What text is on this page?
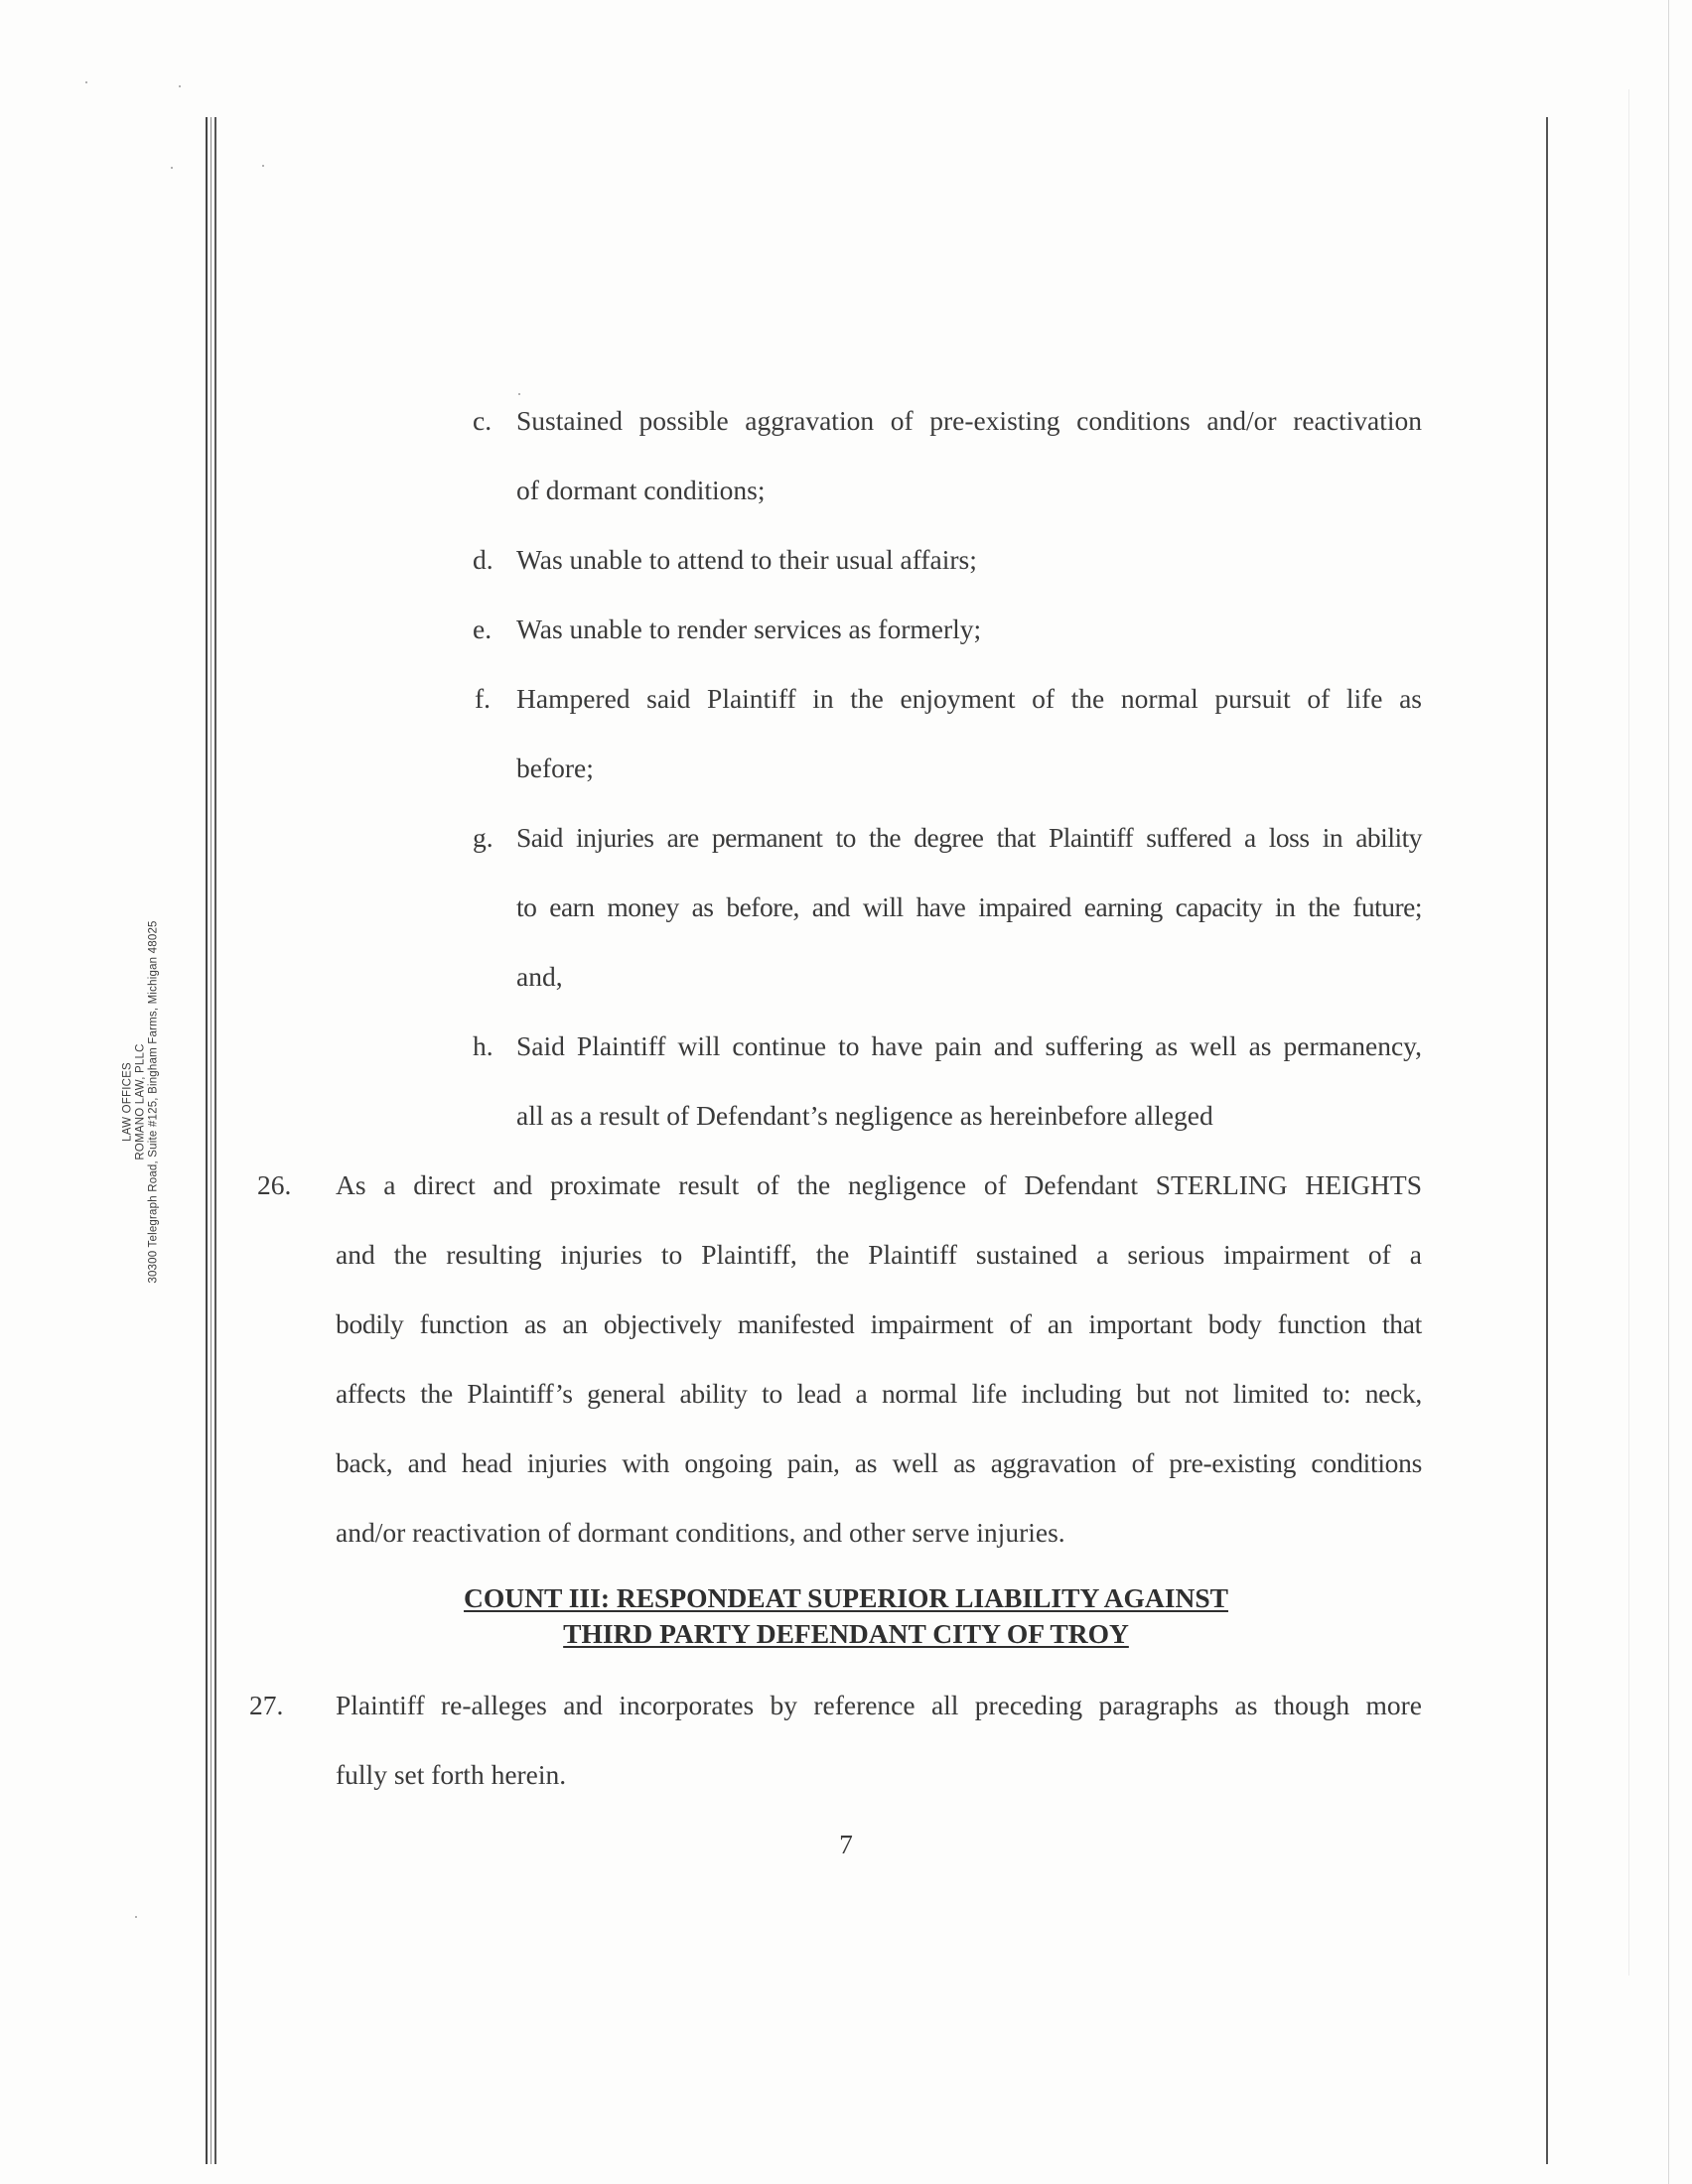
LAW OFFICES ROMANO LAW, PLLC 30300 Telegraph Road, Suite #125, Bingham Farms, Michigan 48025
c. Sustained possible aggravation of pre-existing conditions and/or reactivation
of dormant conditions;
d. Was unable to attend to their usual affairs;
e. Was unable to render services as formerly;
f. Hampered said Plaintiff in the enjoyment of the normal pursuit of life as
before;
g. Said injuries are permanent to the degree that Plaintiff suffered a loss in ability
to earn money as before, and will have impaired earning capacity in the future;
and,
h. Said Plaintiff will continue to have pain and suffering as well as permanency,
all as a result of Defendant’s negligence as hereinbefore alleged
26. As a direct and proximate result of the negligence of Defendant STERLING HEIGHTS
and the resulting injuries to Plaintiff, the Plaintiff sustained a serious impairment of a
bodily function as an objectively manifested impairment of an important body function that
affects the Plaintiff’s general ability to lead a normal life including but not limited to: neck,
back, and head injuries with ongoing pain, as well as aggravation of pre-existing conditions
and/or reactivation of dormant conditions, and other serve injuries.
COUNT III: RESPONDEAT SUPERIOR LIABILITY AGAINST
THIRD PARTY DEFENDANT CITY OF TROY
27. Plaintiff re-alleges and incorporates by reference all preceding paragraphs as though more
fully set forth herein.
7
